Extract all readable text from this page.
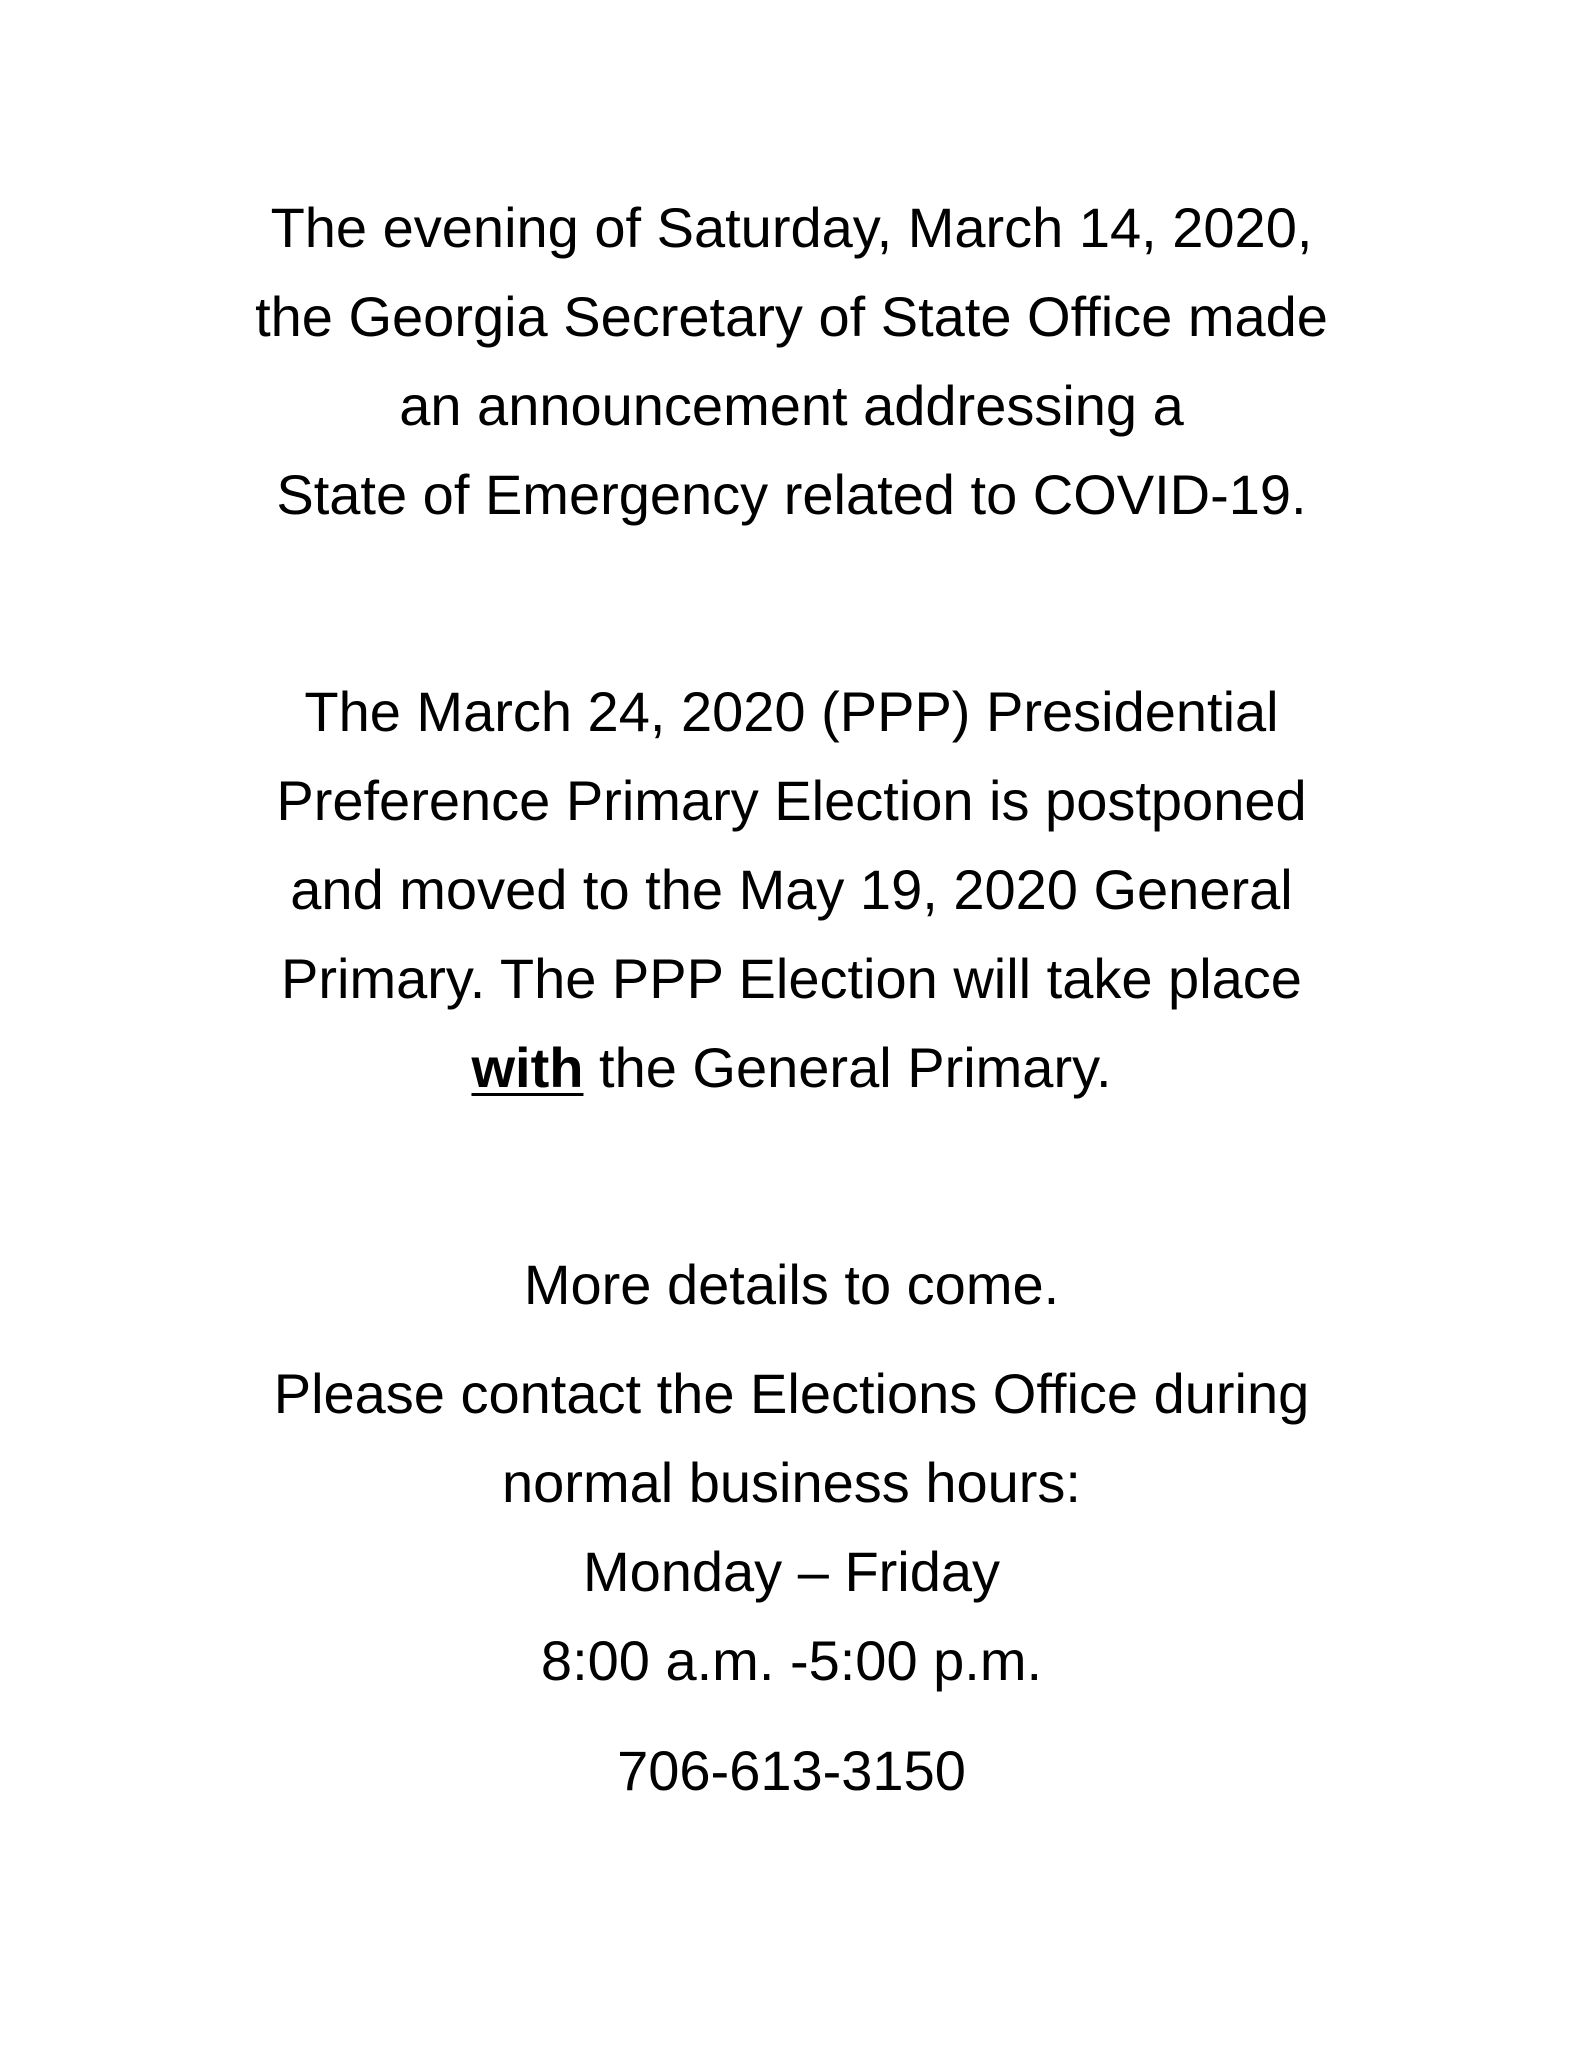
The evening of Saturday, March 14, 2020,

the Georgia Secretary of State Office made

an announcement addressing a

State of Emergency related to COVID-19.

The March 24, 2020 (PPP) Presidential

Preference Primary Election is postponed

and moved to the May 19, 2020 General

Primary. The PPP Election will take place

with the General Primary.

More details to come.

Please contact the Elections Office during

normal business hours:

Monday – Friday

8:00 a.m. -5:00 p.m.

706-613-3150
